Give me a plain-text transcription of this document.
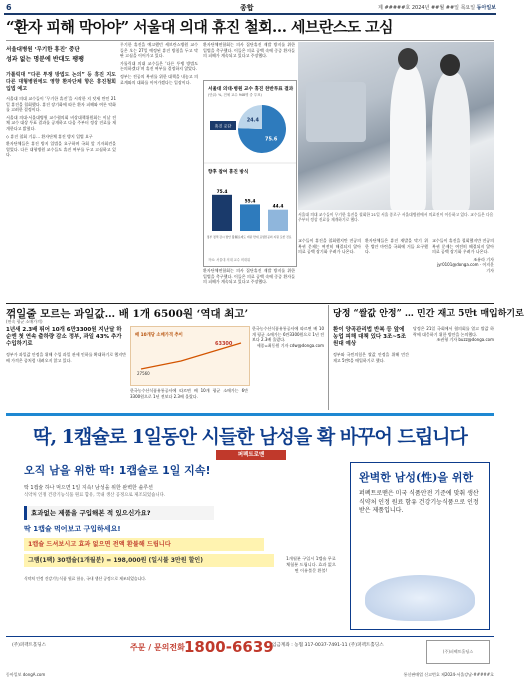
6	종합	제 #####호 2024년 ##월 ##일 목요일 동아일보
“환자 피해 막아야” 서울대 의대 휴진 철회… 세브란스도 고심
서울대병원 ‘무기한 휴진’ 중단
성과 없는 명분에 반대도 팽팽
가톨릭대 “다른 투쟁 방법도 논의” 등 휴진 지도 다른 대형병원에도 영향 환자단체 향은 휴진철회 입법 예고

서울대 의대 교수들이 ‘무기한 휴진’을 시작한 지 닷새 만인 21일 휴진을 철회했다. 휴진 장기화에 따른 환자 피해와 여론 악화를 고려한 결정이다.

서울대 의대·서울대병원 교수협의회 비상대책위원회는 이날 전체 교수 대상 투표 결과를 공개하고 다음 주부터 정상 진료를 재개한다고 밝혔다.

◇ 휴진 철회 기류… 환자단체 휴진 방지 입법 요구

환자단체들은 휴진 방지 입법을 요구하며 국회 앞 기자회견을 열었다. 다른 대형병원 교수들도 휴진 여부를 두고 고심하고 있다.

무기한 휴진을 예고했던 세브란스병원 교수들은 오는 27일 예정된 휴진 방침을 두고 막판 고심을 이어가고 있다.

가톨릭대 의대 교수들은 ‘다른 투쟁 방법도 논의하겠다’며 휴진 여부를 결정하지 않았다.

정부는 전공의 복귀를 위한 대책을 내놓고 의료계와의 대화를 이어가겠다는 입장이다.

환자단체연합회는 의사 집단휴진 재발 방지를 위한 입법을 촉구했다. 이들은 의료 공백 속에 중증 환자들의 피해가 계속되고 있다고 주장했다.

서울대 의대·병원 교수 휴진 찬반투표 결과
(단위: %, 전체 교수 948명 중 투표)
75.6
24.4
휴진 중단
향후 참여 휴진 방식
75.4
정부 정책 감시 방안 활동
55.4
의료제도 비판 반대 표명
44.4
전공의 지원 포함 진료
자료: 서울대 의대 교수 비대위
서울대 의대 교수들이 무기한 휴진을 철회한 21일 서울 종로구 서울대병원에서 의료진이 이동하고 있다. 교수들은 다음 주부터 정상 진료를 재개하기로 했다.

환자단체연합회는 의사 집단휴진 재발 방지를 위한 입법을 촉구했다. 이들은 의료 공백 속에 중증 환자들의 피해가 계속되고 있다고 주장했다.

교수들이 휴진을 철회했지만 전공의 복귀 문제는 여전히 해결되지 않아 의료 공백 장기화 우려가 나온다.
환자단체들은 휴진 재발을 막기 위한 법안 마련을 국회에 거듭 요구했다.
교수들이 휴진을 철회했지만 전공의 복귀 문제는 여전히 해결되지 않아 의료 공백 장기화 우려가 나온다.
조유라 기자 jyr0101@donga.com · 이지운 기자
꺾일줄 모르는 과일값… 배 1개 6500원 ‘역대 최고’
(연속 평균 소매가격)
1년새 2.3배 뛰어 10개 6만3300원 지난달 하순엔 첫 연속 출하량 감소 정부, 과일 43% 추가 수입하기로
배 10개당 소매가격 추이
27560
63300
정부가 과일값 안정을 위해 수입 과일 관세 인하를 확대하기로 했지만 배 가격은 좀처럼 내려오지 않고 있다.
한국농수산식품유통공사에 따르면 배 10개 평균 소매가는 6만3300원으로 1년 전보다 2.3배 올랐다.
한국농수산식품유통공사에 따르면 배 10개 평균 소매가는 6만3300원으로 1년 전보다 2.3배 올랐다.
세종=최동원 기자 cdw@donga.com
당정 “쌀값 안정” … 민간 재고 5만t 매입하기로
환이 양곡관리법 반복 등 앞에 농업 피해 대책 있다 3조~5조 원대 예상
정부와 국민의힘은 쌀값 안정을 위해 민간 재고 5만t을 매입하기로 했다.
당정은 21일 국회에서 협의회를 열고 쌀값 하락에 대응하기 위한 방안을 논의했다.
조권형 기자 buzz@donga.com
딱, 1캡슐로 1일동안 시들한 남성을 확 바꾸어 드립니다
퍼펙트로맨
오직 남을 위한 딱! 1캡슐로 1일 지속!
딱 1캡슐 하나 먹으면 1일 지속! 남성을 위한 완벽한 솔루션
식약처 인정 건강기능식품 원료 함유, 국내 생산 공정으로 제조되었습니다.
효과없는 제품을 구입해본 적 있으신가요?
딱 1캡슐 먹어보고 구입하세요!
1캡슐 드셔보시고 효과 없으면 전액 환불해 드립니다
그램(1팩) 30캡슐(1개월분) = 198,000원 (일시불 3만원 할인)
식약처 인정 건강기능식품 원료 함유, 국내 생산 공정으로 제조되었습니다.
1개월분 구입시 1캡슐 무료 체험분 드립니다. 효과 없으면 이유불문 환불!
완벽한 남성(性)을 위한
퍼펙트로맨은 미국 식품안전 기준에 맞춰 생산 식약처 인정 원료 함유 건강기능식품으로 인정받은 제품입니다.
(주)퍼펙트홀딩스	주문 / 문의전화 1800-6639
입금계좌 : 농협 317-0037-7491-11 (주)퍼펙트홀딩스
(주)퍼펙트홀딩스
동아일보 dongA.com	통신판매업 신고번호 제2024-서울강남-#####호
